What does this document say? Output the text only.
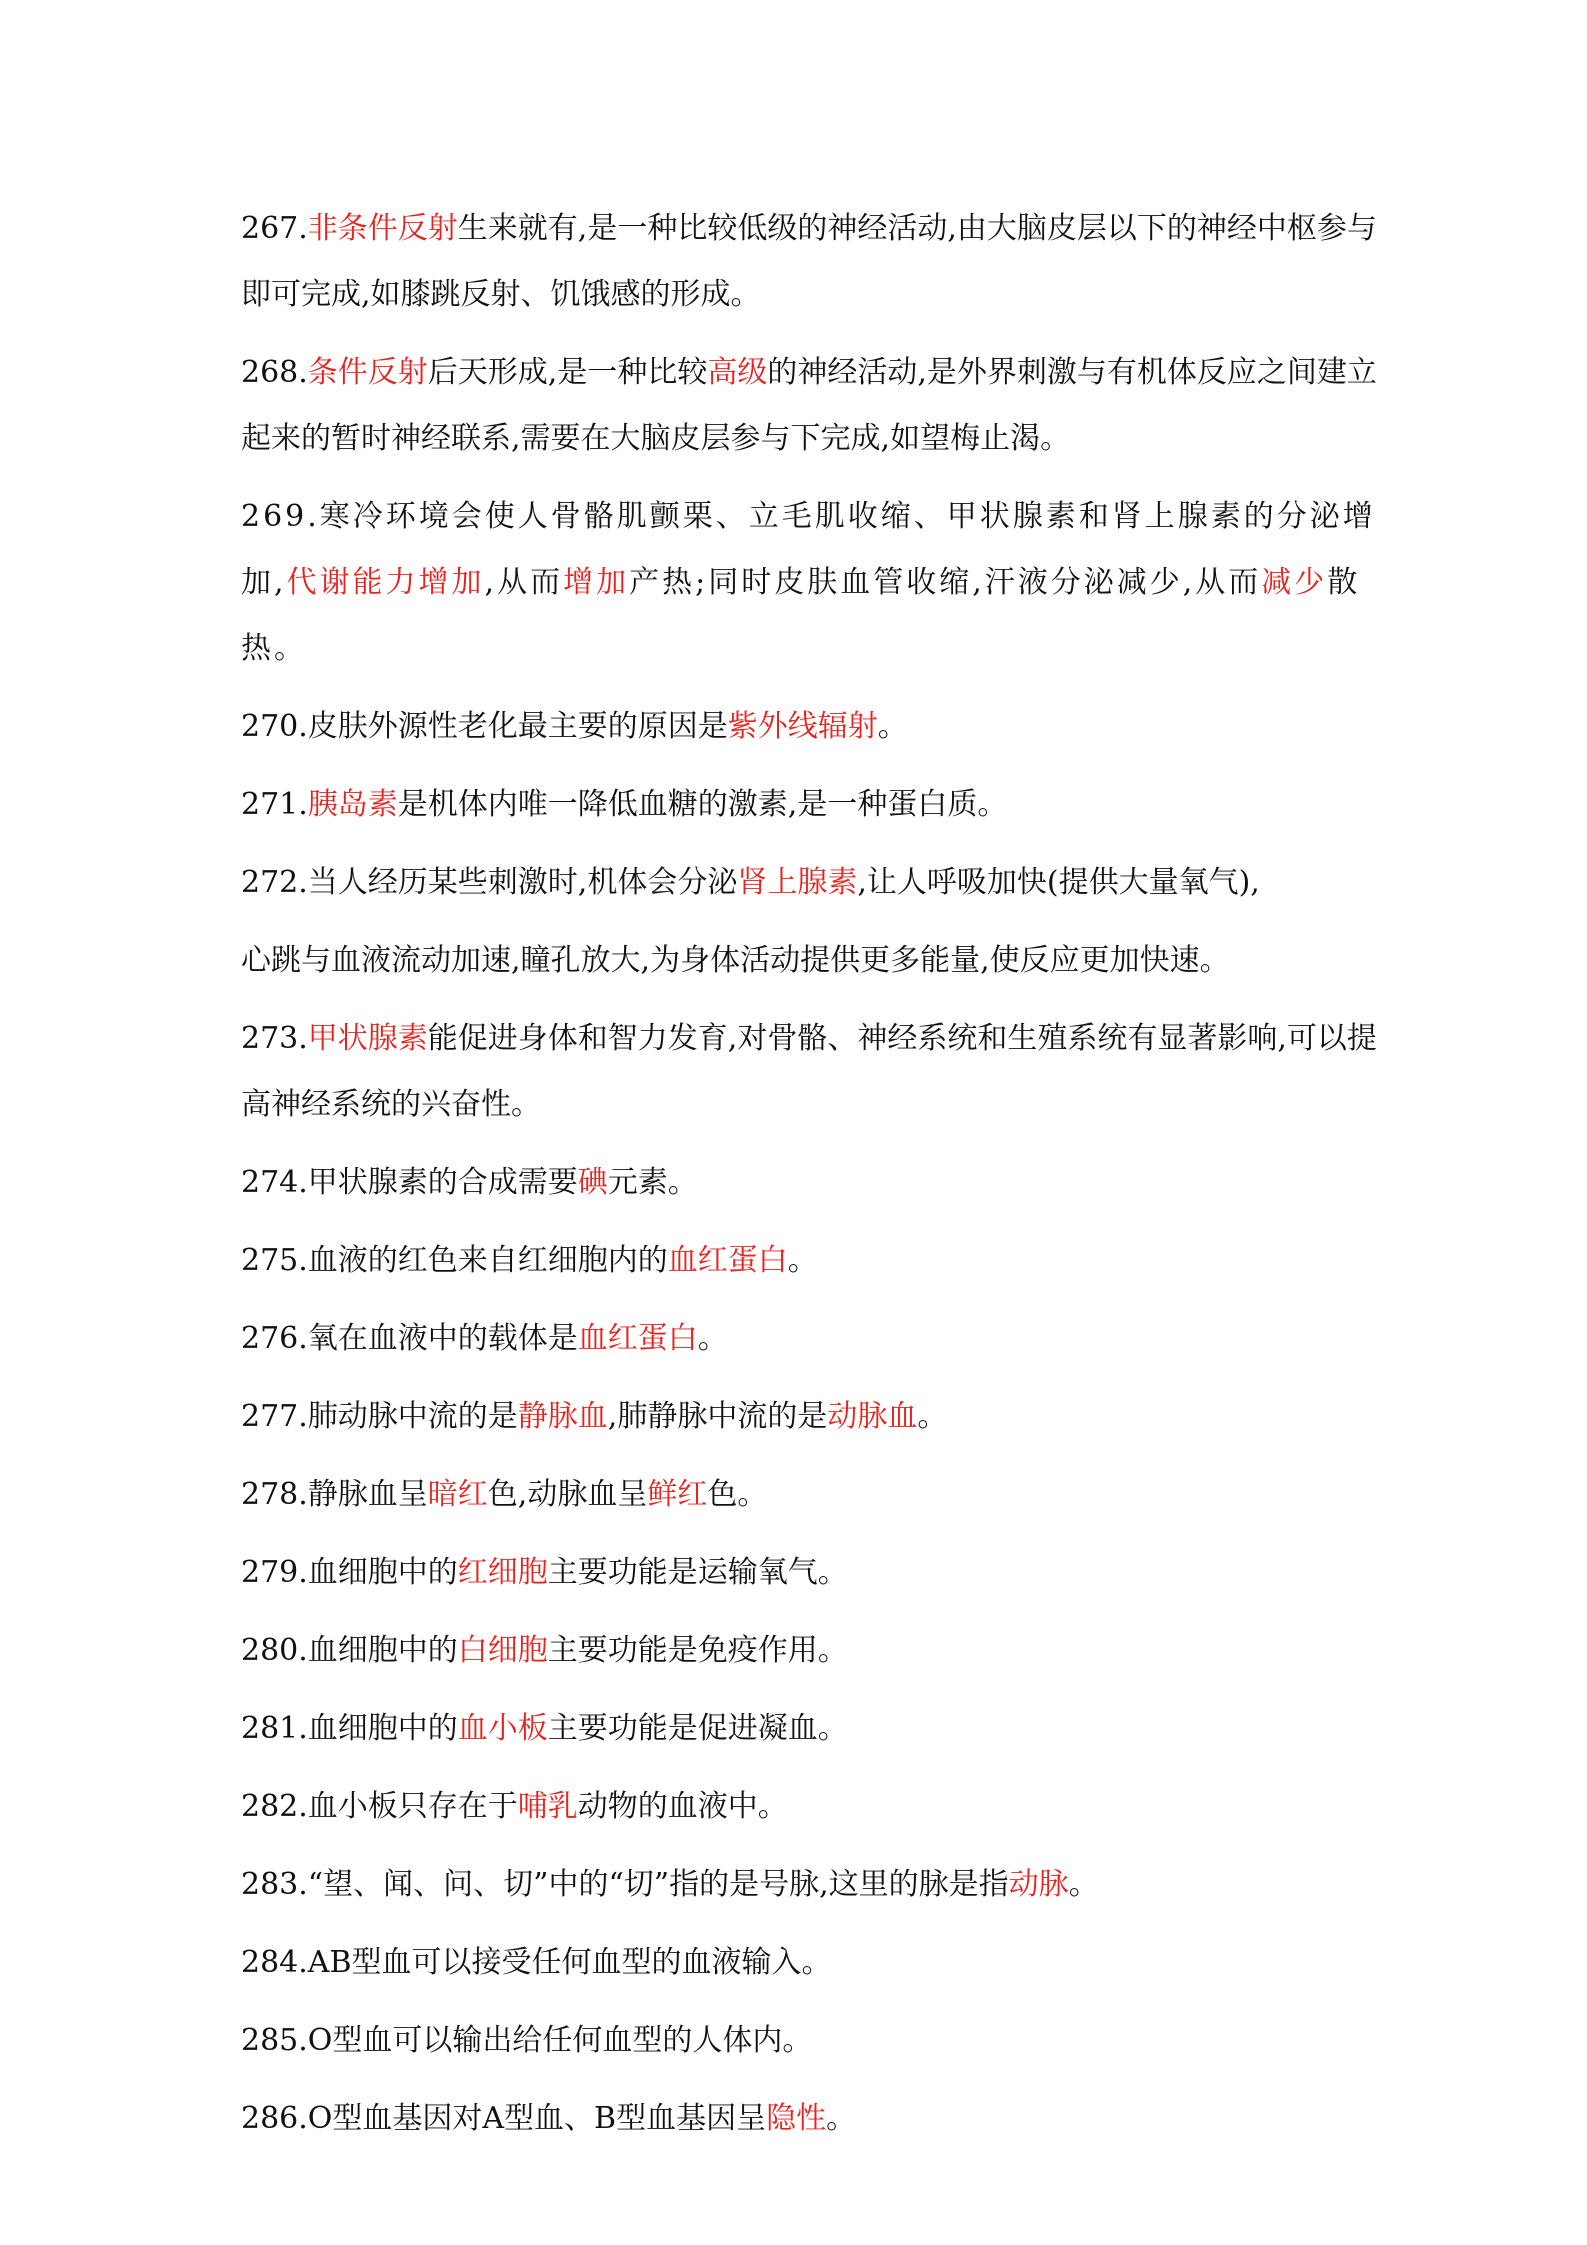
267.非条件反射生来就有,是一种比较低级的神经活动,由大脑皮层以下的神经中枢参与即可完成,如膝跳反射、饥饿感的形成。

268.条件反射后天形成,是一种比较高级的神经活动,是外界刺激与有机体反应之间建立起来的暂时神经联系,需要在大脑皮层参与下完成,如望梅止渴。

269.寒冷环境会使人骨骼肌颤栗、立毛肌收缩、甲状腺素和肾上腺素的分泌增加,代谢能力增加,从而增加产热;同时皮肤血管收缩,汗液分泌减少,从而减少散热。

270.皮肤外源性老化最主要的原因是紫外线辐射。

271.胰岛素是机体内唯一降低血糖的激素,是一种蛋白质。

272.当人经历某些刺激时,机体会分泌肾上腺素,让人呼吸加快(提供大量氧气),

心跳与血液流动加速,瞳孔放大,为身体活动提供更多能量,使反应更加快速。

273.甲状腺素能促进身体和智力发育,对骨骼、神经系统和生殖系统有显著影响,可以提高神经系统的兴奋性。

274.甲状腺素的合成需要碘元素。

275.血液的红色来自红细胞内的血红蛋白。

276.氧在血液中的载体是血红蛋白。

277.肺动脉中流的是静脉血,肺静脉中流的是动脉血。

278.静脉血呈暗红色,动脉血呈鲜红色。

279.血细胞中的红细胞主要功能是运输氧气。

280.血细胞中的白细胞主要功能是免疫作用。

281.血细胞中的血小板主要功能是促进凝血。

282.血小板只存在于哺乳动物的血液中。

283.“望、闻、问、切”中的“切”指的是号脉,这里的脉是指动脉。

284.AB型血可以接受任何血型的血液输入。

285.O型血可以输出给任何血型的人体内。

286.O型血基因对A型血、B型血基因呈隐性。
